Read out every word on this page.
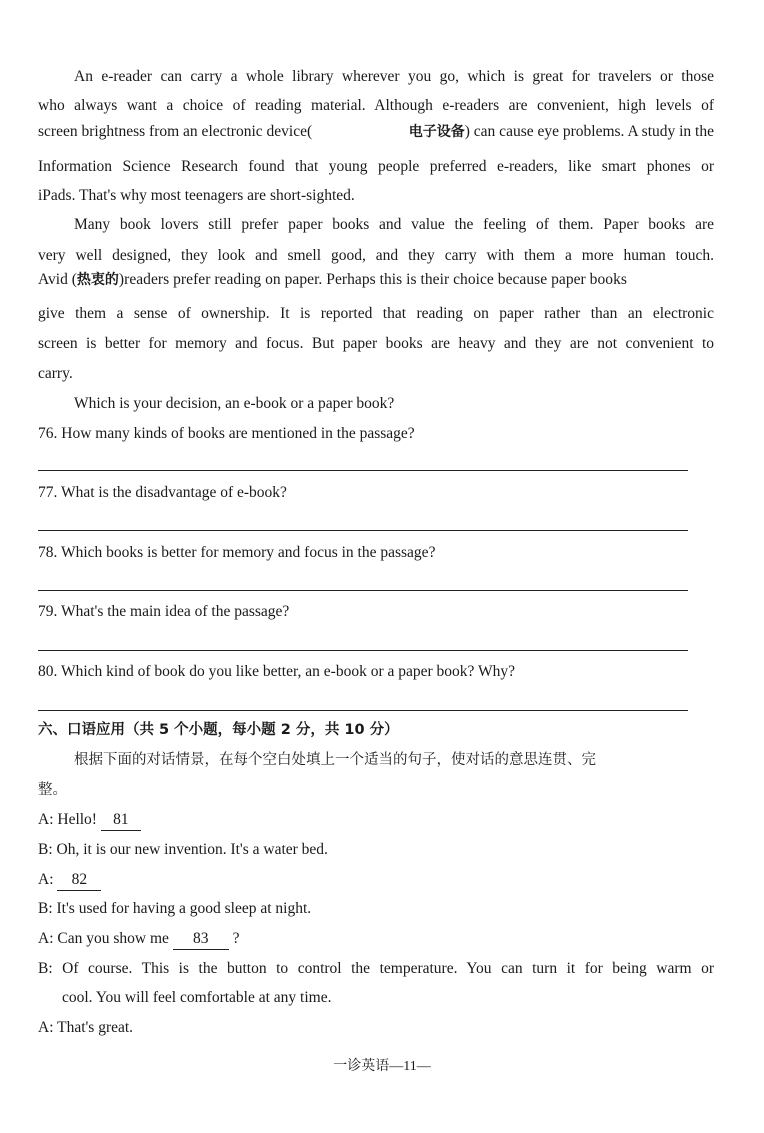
An e-reader can carry a whole library wherever you go, which is great for travelers or those
who always want a choice of reading material. Although e-readers are convenient, high levels of
screen brightness from an electronic device(	电子设备 ) can cause eye problems. A study in the
Information Science Research found that young people preferred e-readers, like smart phones or
iPads. That's why most teenagers are short-sighted.
Many book lovers still prefer paper books and value the feeling of them. Paper books are
very well designed, they look and smell good, and they carry with them a more human touch.
Avid (热衷的)readers prefer reading on paper. Perhaps this is their choice because paper books
give them a sense of ownership. It is reported that reading on paper rather than an electronic
screen is better for memory and focus. But paper books are heavy and they are not convenient to
carry.
Which is your decision, an e-book or a paper book?
76. How many kinds of books are mentioned in the passage?
77. What is the disadvantage of e-book?
78. Which books is better for memory and focus in the passage?
79. What's the main idea of the passage?
80. Which kind of book do you like better, an e-book or a paper book? Why?
六、口语应用（共 5 个小题，每小题 2 分，共 10 分）
根据下面的对话情景，在每个空白处填上一个适当的句子，使对话的意思连贯、完
整。
A: Hello! 81
B: Oh, it is our new invention. It's a water bed.
A: 82
B: It's used for having a good sleep at night.
A: Can you show me 83 ?
B: Of course. This is the button to control the temperature. You can turn it for being warm or
cool. You will feel comfortable at any time.
A: That's great.
一诊英语—11—
